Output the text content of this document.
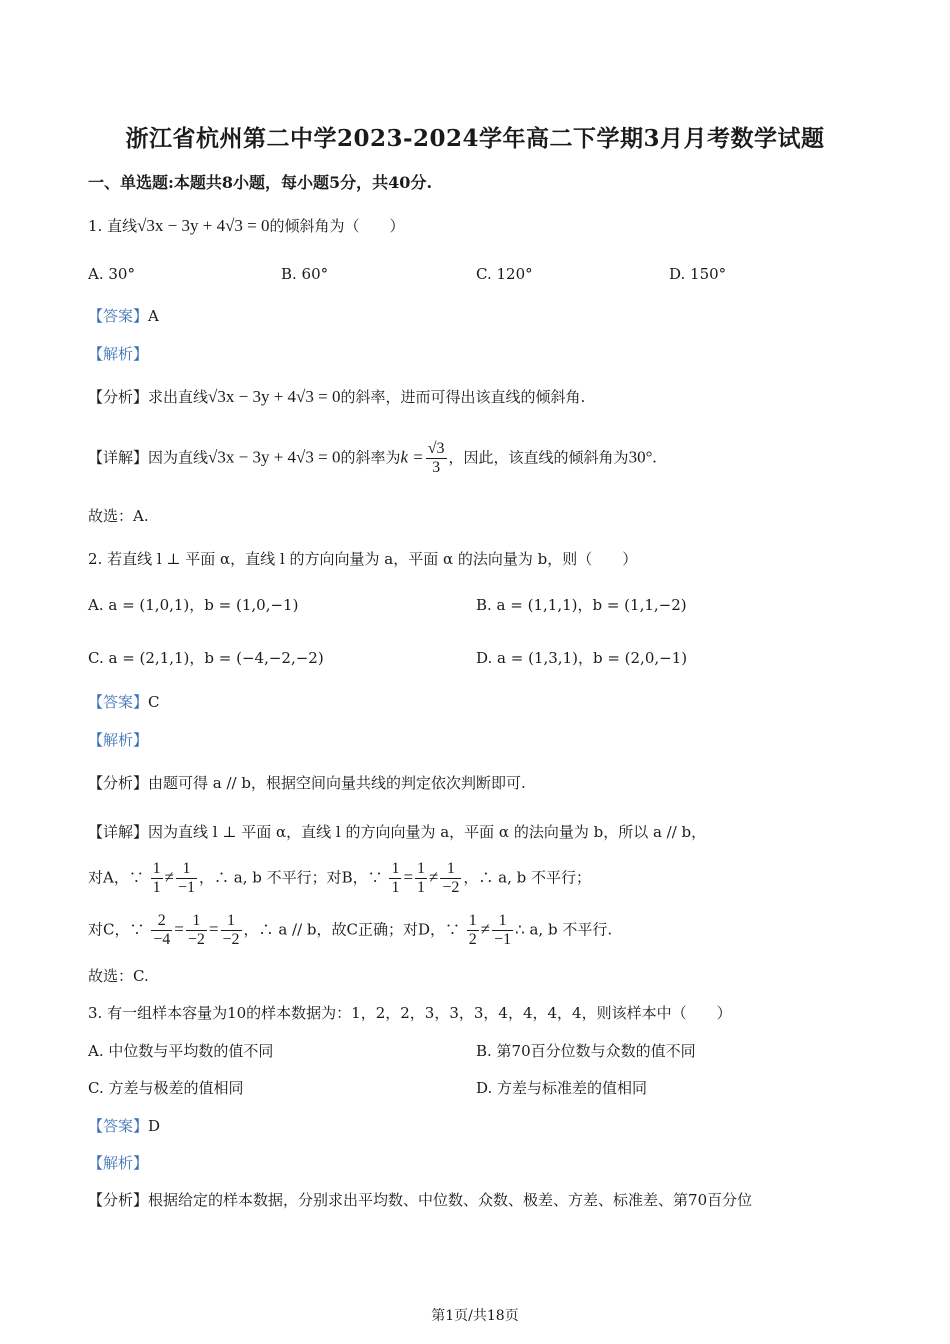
浙江省杭州第二中学2023-2024学年高二下学期3月月考数学试题
一、单选题:本题共8小题，每小题5分，共40分.
1. 直线√3x − 3y + 4√3 = 0的倾斜角为（　　）
A. 30°	B. 60°	C. 120°	D. 150°
【答案】A
【解析】
【分析】求出直线√3x − 3y + 4√3 = 0的斜率，进而可得出该直线的倾斜角.
【详解】因为直线√3x − 3y + 4√3 = 0的斜率为$k = \frac{√3}{3}$ ，因此，该直线的倾斜角为30°.
故选：A.
2. 若直线 l ⊥ 平面 α，直线 l 的方向向量为 a，平面 α 的法向量为 b，则（　　）
A. a = (1,0,1)，b = (1,0,−1)	B. a = (1,1,1)，b = (1,1,−2)
C. a = (2,1,1)，b = (−4,−2,−2)	D. a = (1,3,1)，b = (2,0,−1)
【答案】C
【解析】
【分析】由题可得 a // b，根据空间向量共线的判定依次判断即可.
【详解】因为直线 l ⊥ 平面 α，直线 l 的方向向量为 a，平面 α 的法向量为 b，所以 a // b，
对A，∵ $\frac{1}{1} \ne \frac{1}{-1}$ ，∴ a, b 不平行；对B，∵ $\frac{1}{1} = \frac{1}{1} \ne \frac{1}{-2}$ ，∴ a, b 不平行；
对C，∵ $\frac{2}{-4} = \frac{1}{-2} = \frac{1}{-2}$ ，∴ a // b，故C正确；对D，∵ $\frac{1}{2} \ne \frac{1}{-1}$ ∴ a, b 不平行.
故选：C.
3. 有一组样本容量为10的样本数据为：1，2，2，3，3，3，4，4，4，4，则该样本中（　　）
A. 中位数与平均数的值不同	B. 第70百分位数与众数的值不同
C. 方差与极差的值相同	D. 方差与标准差的值相同
【答案】D
【解析】
【分析】根据给定的样本数据，分别求出平均数、中位数、众数、极差、方差、标准差、第70百分位
第1页/共18页
